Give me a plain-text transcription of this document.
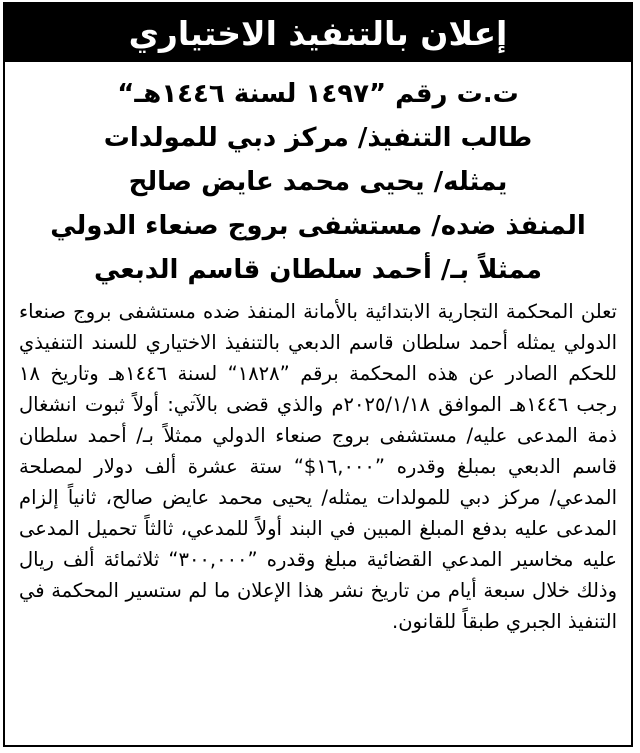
إعلان بالتنفيذ الاختياري
ت.ت رقم ”١٤٩٧ لسنة ١٤٤٦هـ“
طالب التنفيذ/ مركز دبي للمولدات
يمثله/ يحيى محمد عايض صالح
المنفذ ضده/ مستشفى بروج صنعاء الدولي
ممثلاً بـ/ أحمد سلطان قاسم الدبعي
تعلن المحكمة التجارية الابتدائية بالأمانة المنفذ ضده مستشفى بروج صنعاء الدولي يمثله أحمد سلطان قاسم الدبعي بالتنفيذ الاختياري للسند التنفيذي للحكم الصادر عن هذه المحكمة برقم ”١٨٢٨“ لسنة ١٤٤٦هـ وتاريخ ١٨ رجب ١٤٤٦هـ الموافق ٢٠٢٥/١/١٨م والذي قضى بالآتي: أولاً ثبوت انشغال ذمة المدعى عليه/ مستشفى بروج صنعاء الدولي ممثلاً بـ/ أحمد سلطان قاسم الدبعي بمبلغ وقدره ”١٦,٠٠٠$“ ستة عشرة ألف دولار لمصلحة المدعي/ مركز دبي للمولدات يمثله/ يحيى محمد عايض صالح، ثانياً إلزام المدعى عليه بدفع المبلغ المبين في البند أولاً للمدعي، ثالثاً تحميل المدعى عليه مخاسير المدعي القضائية مبلغ وقدره ”٣٠٠,٠٠٠“ ثلاثمائة ألف ريال وذلك خلال سبعة أيام من تاريخ نشر هذا الإعلان ما لم ستسير المحكمة في التنفيذ الجبري طبقاً للقانون.
